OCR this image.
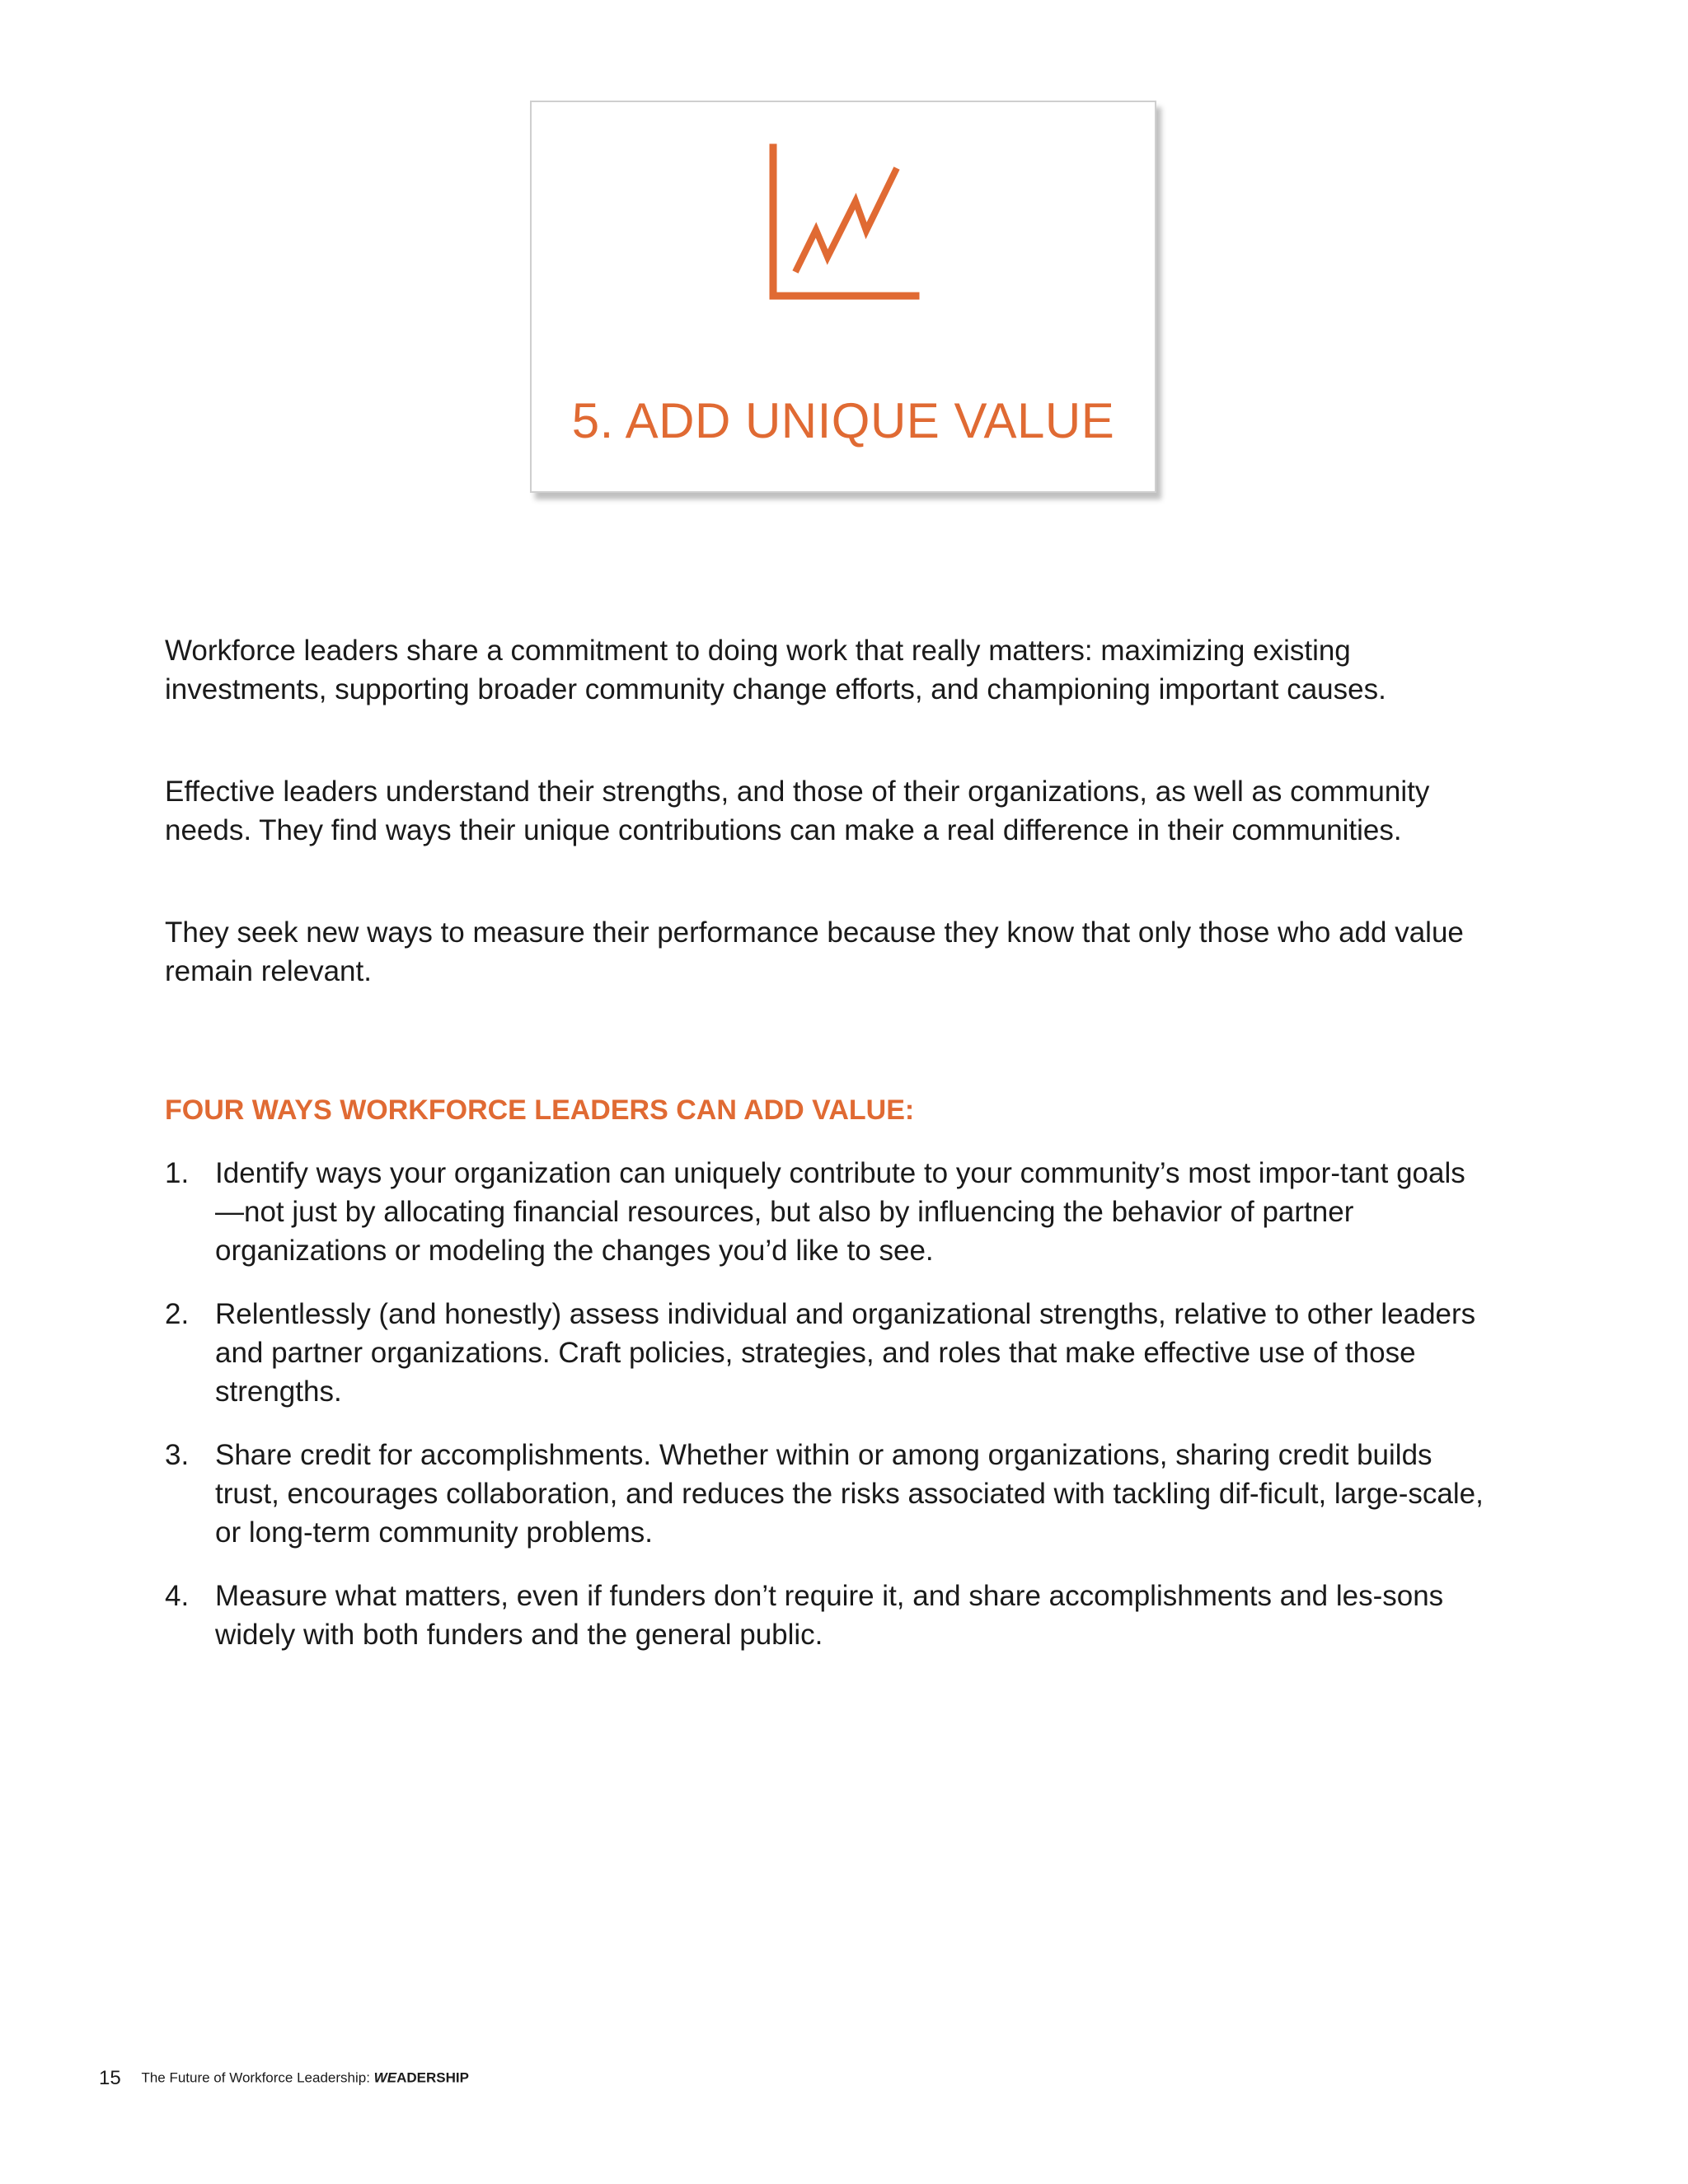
5. ADD UNIQUE VALUE

Workforce leaders share a commitment to doing work that really matters: maximizing existing investments, supporting broader community change efforts, and championing important causes.

Effective leaders understand their strengths, and those of their organizations, as well as community needs. They find ways their unique contributions can make a real difference in their communities.

They seek new ways to measure their performance because they know that only those who add value remain relevant.

FOUR WAYS WORKFORCE LEADERS CAN ADD VALUE:
1. Identify ways your organization can uniquely contribute to your community’s most impor-tant goals—not just by allocating financial resources, but also by influencing the behavior of partner organizations or modeling the changes you’d like to see.
2. Relentlessly (and honestly) assess individual and organizational strengths, relative to other leaders and partner organizations. Craft policies, strategies, and roles that make effective use of those strengths.
3. Share credit for accomplishments. Whether within or among organizations, sharing credit builds trust, encourages collaboration, and reduces the risks associated with tackling dif-ficult, large-scale, or long-term community problems.
4. Measure what matters, even if funders don’t require it, and share accomplishments and les-sons widely with both funders and the general public.
15 The Future of Workforce Leadership: WEADERSHIP
